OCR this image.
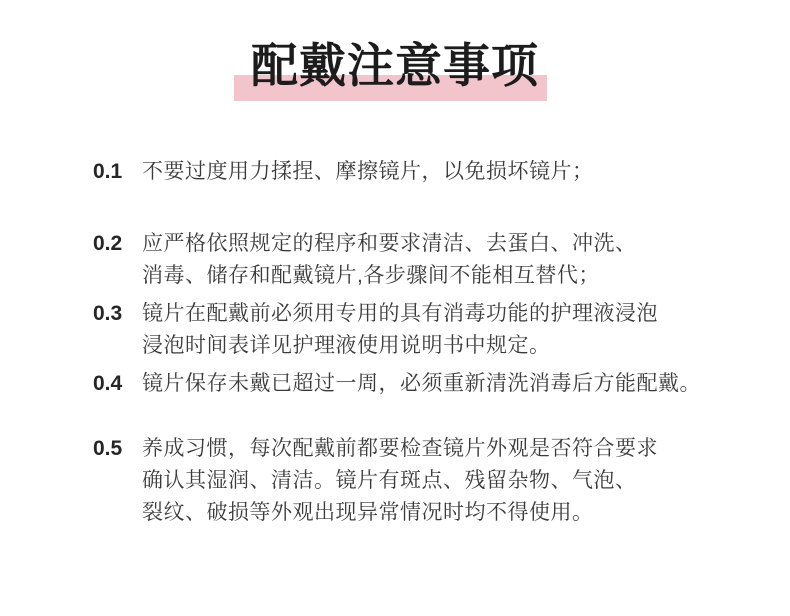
配戴注意事项
0.1 不要过度用力揉捏、摩擦镜片，以免损坏镜片；
0.2 应严格依照规定的程序和要求清洁、去蛋白、冲洗、
消毒、储存和配戴镜片,各步骤间不能相互替代；
0.3 镜片在配戴前必须用专用的具有消毒功能的护理液浸泡
浸泡时间表详见护理液使用说明书中规定。
0.4 镜片保存未戴已超过一周，必须重新清洗消毒后方能配戴。
0.5 养成习惯，每次配戴前都要检查镜片外观是否符合要求
确认其湿润、清洁。镜片有斑点、残留杂物、气泡、
裂纹、破损等外观出现异常情况时均不得使用。
